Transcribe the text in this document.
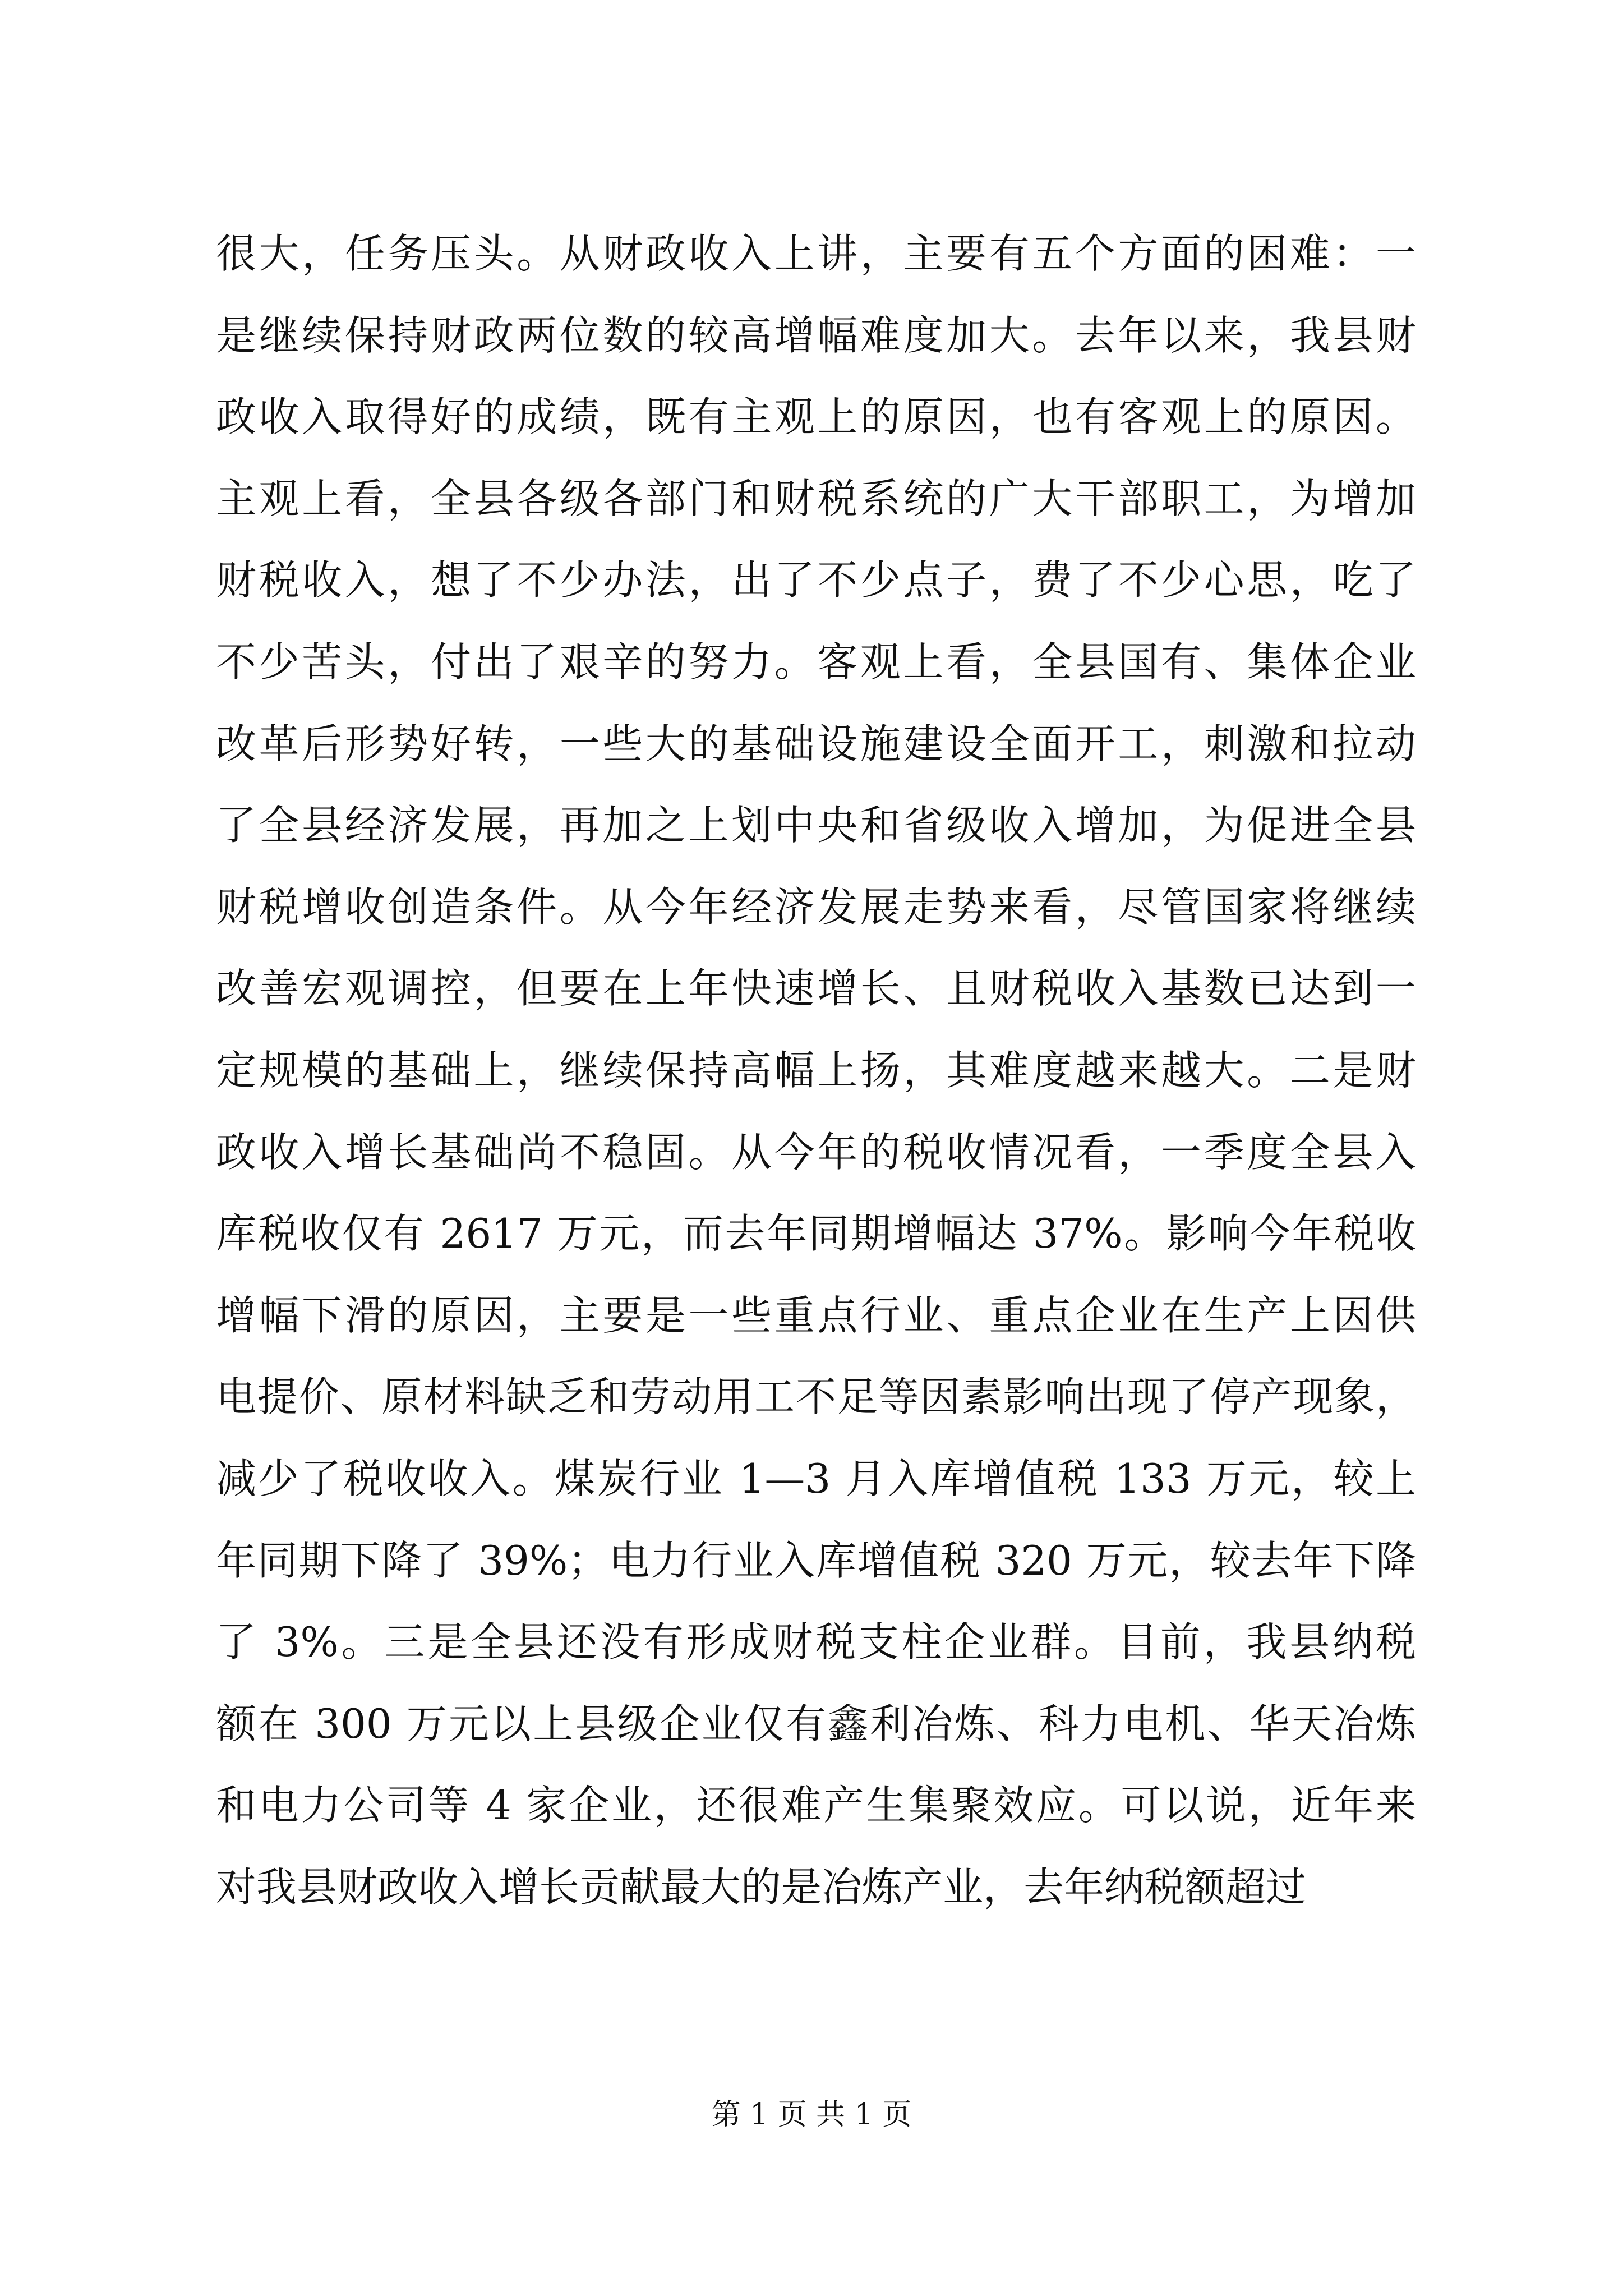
很大，任务压头。从财政收入上讲，主要有五个方面的困难：一
是继续保持财政两位数的较高增幅难度加大。去年以来，我县财
政收入取得好的成绩，既有主观上的原因，也有客观上的原因。
主观上看，全县各级各部门和财税系统的广大干部职工，为增加
财税收入，想了不少办法，出了不少点子，费了不少心思，吃了
不少苦头，付出了艰辛的努力。客观上看，全县国有、集体企业
改革后形势好转，一些大的基础设施建设全面开工，刺激和拉动
了全县经济发展，再加之上划中央和省级收入增加，为促进全县
财税增收创造条件。从今年经济发展走势来看，尽管国家将继续
改善宏观调控，但要在上年快速增长、且财税收入基数已达到一
定规模的基础上，继续保持高幅上扬，其难度越来越大。二是财
政收入增长基础尚不稳固。从今年的税收情况看，一季度全县入
库税收仅有 2617 万元，而去年同期增幅达 37%。影响今年税收
增幅下滑的原因，主要是一些重点行业、重点企业在生产上因供
电提价、原材料缺乏和劳动用工不足等因素影响出现了停产现象，
减少了税收收入。煤炭行业 1—3 月入库增值税 133 万元，较上
年同期下降了 39%；电力行业入库增值税 320 万元，较去年下降
了 3%。三是全县还没有形成财税支柱企业群。目前，我县纳税
额在 300 万元以上县级企业仅有鑫利冶炼、科力电机、华天冶炼
和电力公司等 4 家企业，还很难产生集聚效应。可以说，近年来
对我县财政收入增长贡献最大的是冶炼产业，去年纳税额超过
第 1 页 共 1 页
